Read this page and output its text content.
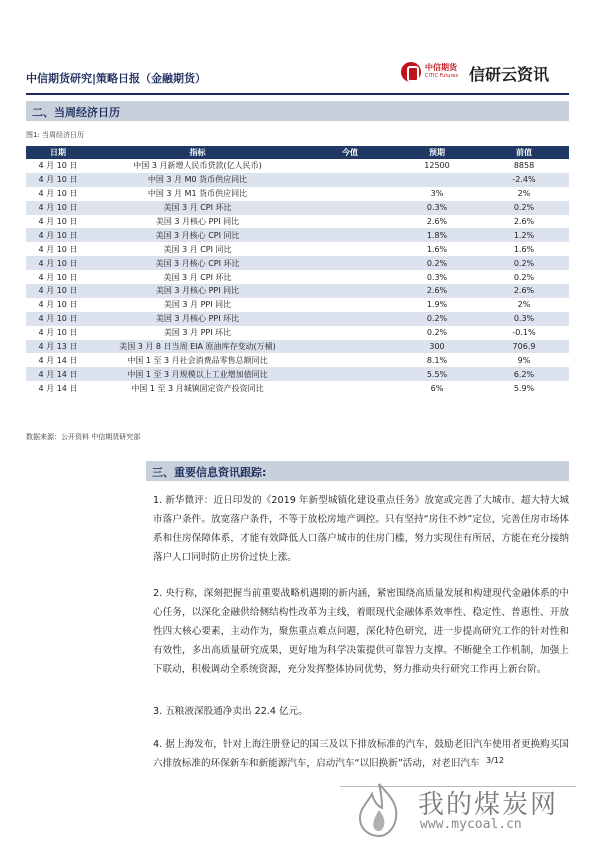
中信期货研究|策略日报（金融期货）
中信期货
CITIC Futures 信研云资讯
二、当周经济日历
图1: 当周经济日历
日期	指标	今值	预期	前值
4 月 10 日	中国 3 月新增人民币贷款(亿人民币)		12500	8858
4 月 10 日	中国 3 月 M0 货币供应同比			-2.4%
4 月 10 日	中国 3 月 M1 货币供应同比		3%	2%
4 月 10 日	美国 3 月 CPI 环比		0.3%	0.2%
4 月 10 日	美国 3 月核心 PPI 同比		2.6%	2.6%
4 月 10 日	美国 3 月核心 CPI 同比		1.8%	1.2%
4 月 10 日	美国 3 月 CPI 同比		1.6%	1.6%
4 月 10 日	美国 3 月核心 CPI 环比		0.2%	0.2%
4 月 10 日	美国 3 月 CPI 环比		0.3%	0.2%
4 月 10 日	美国 3 月核心 PPI 同比		2.6%	2.6%
4 月 10 日	美国 3 月 PPI 同比		1.9%	2%
4 月 10 日	美国 3 月核心 PPI 环比		0.2%	0.3%
4 月 10 日	美国 3 月 PPI 环比		0.2%	-0.1%
4 月 13 日	美国 3 月 8 日当周 EIA 原油库存变动(万桶)		300	706.9
4 月 14 日	中国 1 至 3 月社会消费品零售总额同比		8.1%	9%
4 月 14 日	中国 1 至 3 月规模以上工业增加值同比		5.5%	6.2%
4 月 14 日	中国 1 至 3 月城镇固定资产投资同比		6%	5.9%
数据来源：公开资料 中信期货研究部
三、重要信息资讯跟踪:
1. 新华微评：近日印发的《2019 年新型城镇化建设重点任务》放宽或完善了大城市、超大特大城市落户条件。放宽落户条件，不等于放松房地产调控。只有坚持“房住不炒”定位，完善住房市场体系和住房保障体系，才能有效降低人口落户城市的住房门槛，努力实现住有所居，方能在充分接纳落户人口同时防止房价过快上涨。
2. 央行称，深刻把握当前重要战略机遇期的新内涵，紧密围绕高质量发展和构建现代金融体系的中心任务，以深化金融供给侧结构性改革为主线，着眼现代金融体系效率性、稳定性、普惠性、开放性四大核心要素，主动作为，聚焦重点难点问题，深化特色研究，进一步提高研究工作的针对性和有效性，多出高质量研究成果，更好地为科学决策提供可靠智力支撑。不断健全工作机制，加强上下联动，积极调动全系统资源，充分发挥整体协同优势，努力推动央行研究工作再上新台阶。
3. 五粮液深股通净卖出 22.4 亿元。
4. 据上海发布，针对上海注册登记的国三及以下排放标准的汽车，鼓励老旧汽车使用者更换购买国六排放标准的环保新车和新能源汽车，启动汽车“以旧换新”活动，对老旧汽车 3/12
我的煤炭网
www.mycoal.cn
